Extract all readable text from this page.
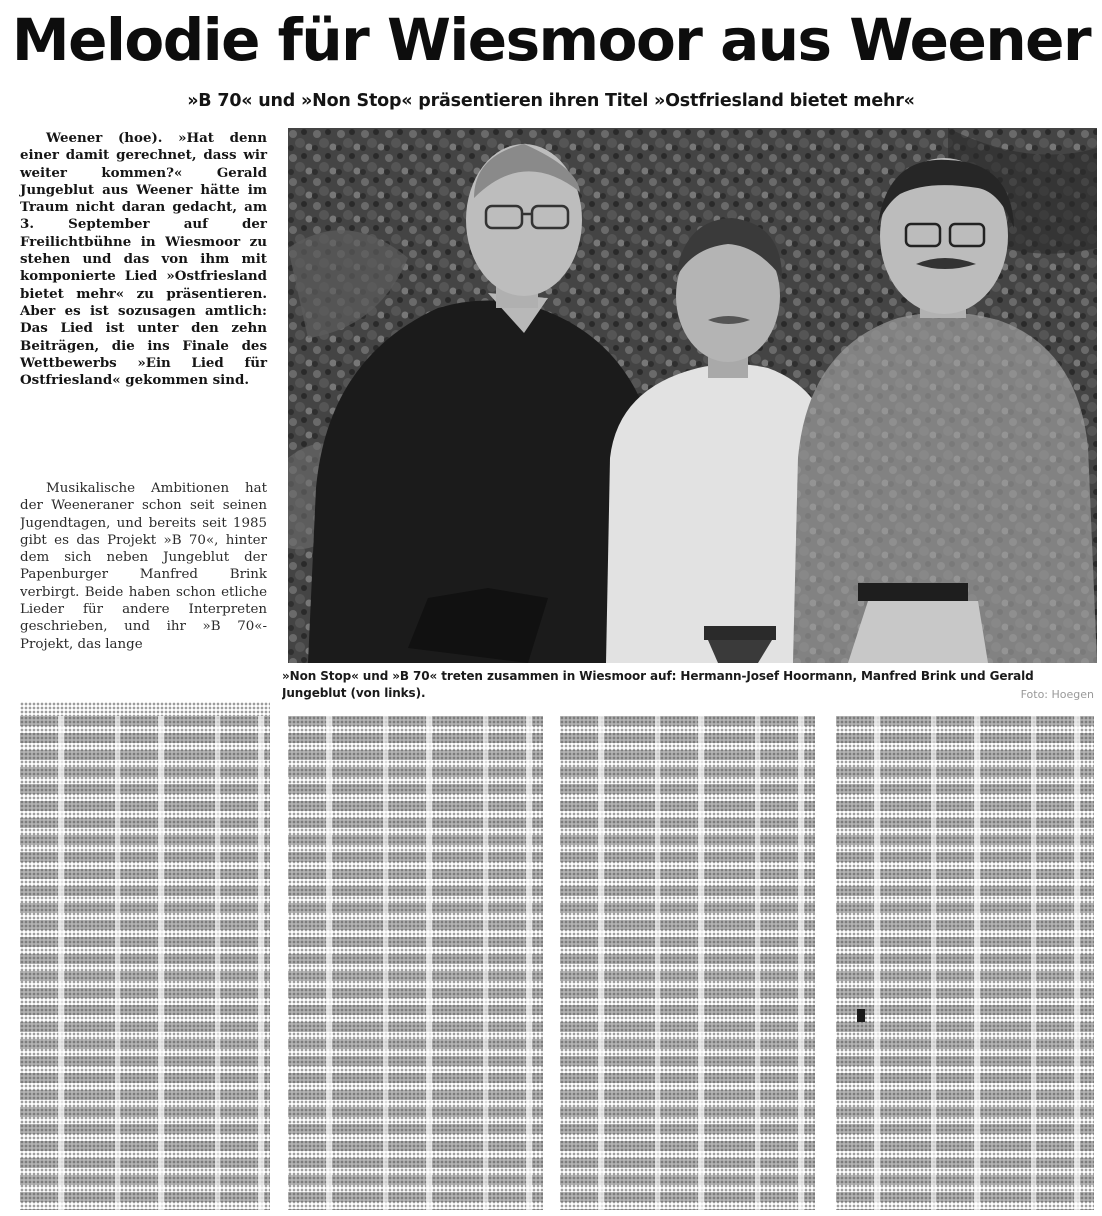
Melodie für Wiesmoor aus Weener
»B 70« und »Non Stop« präsentieren ihren Titel »Ostfriesland bietet mehr«

Weener (hoe). »Hat denn einer damit gerechnet, dass wir weiter kommen?« Gerald Jungeblut aus Weener hätte im Traum nicht daran gedacht, am 3. September auf der Freilichtbühne in Wiesmoor zu stehen und das von ihm mit komponierte Lied »Ostfriesland bietet mehr« zu präsentieren. Aber es ist sozusagen amtlich: Das Lied ist unter den zehn Beiträgen, die ins Finale des Wettbewerbs »Ein Lied für Ostfriesland« gekommen sind.

Musikalische Ambitionen hat der Weeneraner schon seit seinen Jugendtagen, und bereits seit 1985 gibt es das Projekt »B 70«, hinter dem sich neben Jungeblut der Papenburger Manfred Brink verbirgt. Beide haben schon etliche Lieder für andere Interpreten geschrieben, und ihr »B 70«-Projekt, das lange

»Non Stop« und »B 70« treten zusammen in Wiesmoor auf: Hermann-Josef Hoormann, Manfred Brink und Gerald Jungeblut (von links).	Foto: Hoegen
